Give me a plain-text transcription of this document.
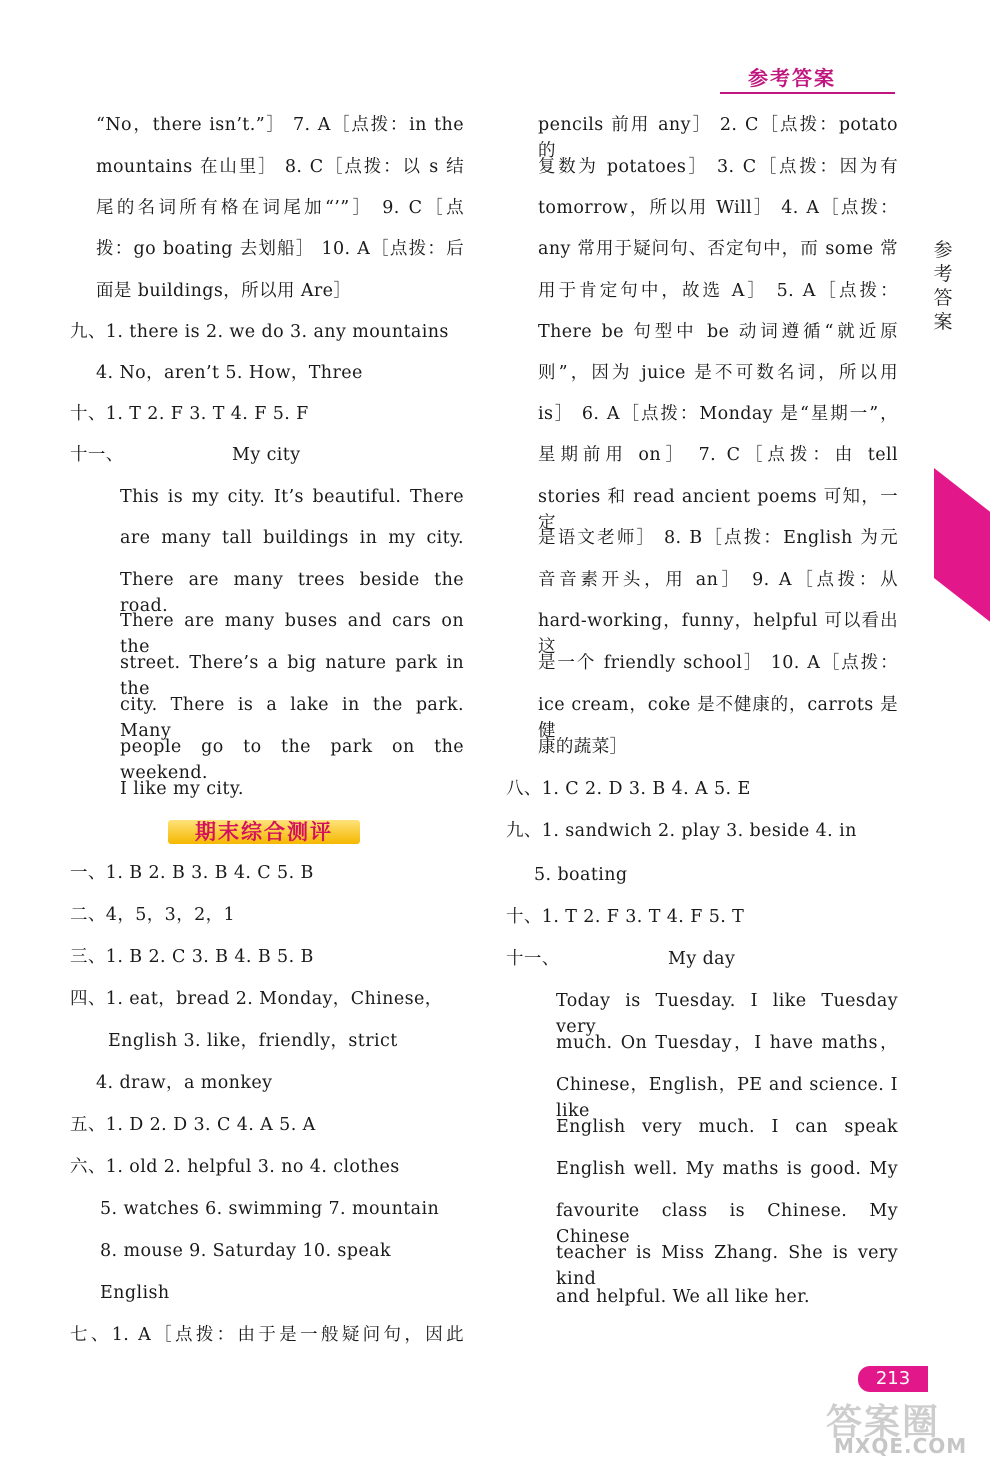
参考答案
参考答案
“No，there isn’t.”］ 7. A［点拨：in the
mountains 在山里］ 8. C［点拨：以 s 结
尾的名词所有格在词尾加“’”］ 9. C［点
拨：go boating 去划船］ 10. A［点拨：后
面是 buildings，所以用 Are］
九、1. there is 2. we do 3. any mountains
4. No，aren’t 5. How，Three
十、1. T 2. F 3. T 4. F 5. F
十一、	My city
This is my city. It’s beautiful. There
are many tall buildings in my city.
There are many trees beside the road.
There are many buses and cars on the
street. There’s a big nature park in the
city. There is a lake in the park. Many
people go to the park on the weekend.
I like my city.
一、1. B 2. B 3. B 4. C 5. B
二、4，5，3，2，1
三、1. B 2. C 3. B 4. B 5. B
四、1. eat，bread 2. Monday，Chinese，
English 3. like，friendly，strict
4. draw，a monkey
五、1. D 2. D 3. C 4. A 5. A
六、1. old 2. helpful 3. no 4. clothes
5. watches 6. swimming 7. mountain
8. mouse 9. Saturday 10. speak
English
七、1. A［点拨：由于是一般疑问句，因此
期末综合测评
pencils 前用 any］ 2. C［点拨：potato 的
复数为 potatoes］ 3. C［点拨：因为有
tomorrow，所以用 Will］ 4. A［点拨：
any 常用于疑问句、否定句中，而 some 常
用于肯定句中，故选 A］ 5. A［点拨：
There be 句型中 be 动词遵循“就近原
则”，因为 juice 是不可数名词，所以用
is］ 6. A［点拨：Monday 是“星期一”，
星期前用 on］ 7. C［点拨：由 tell
stories 和 read ancient poems 可知，一定
是语文老师］ 8. B［点拨：English 为元
音音素开头，用 an］ 9. A［点拨：从
hard-working，funny，helpful 可以看出这
是一个 friendly school］ 10. A［点拨：
ice cream，coke 是不健康的，carrots 是健
康的蔬菜］
八、1. C 2. D 3. B 4. A 5. E
九、1. sandwich 2. play 3. beside 4. in
5. boating
十、1. T 2. F 3. T 4. F 5. T
十一、	My day
Today is Tuesday. I like Tuesday very
much. On Tuesday，I have maths，
Chinese，English，PE and science. I like
English very much. I can speak
English well. My maths is good. My
favourite class is Chinese. My Chinese
teacher is Miss Zhang. She is very kind
and helpful. We all like her.
213
答案圈
MXQE.COM
